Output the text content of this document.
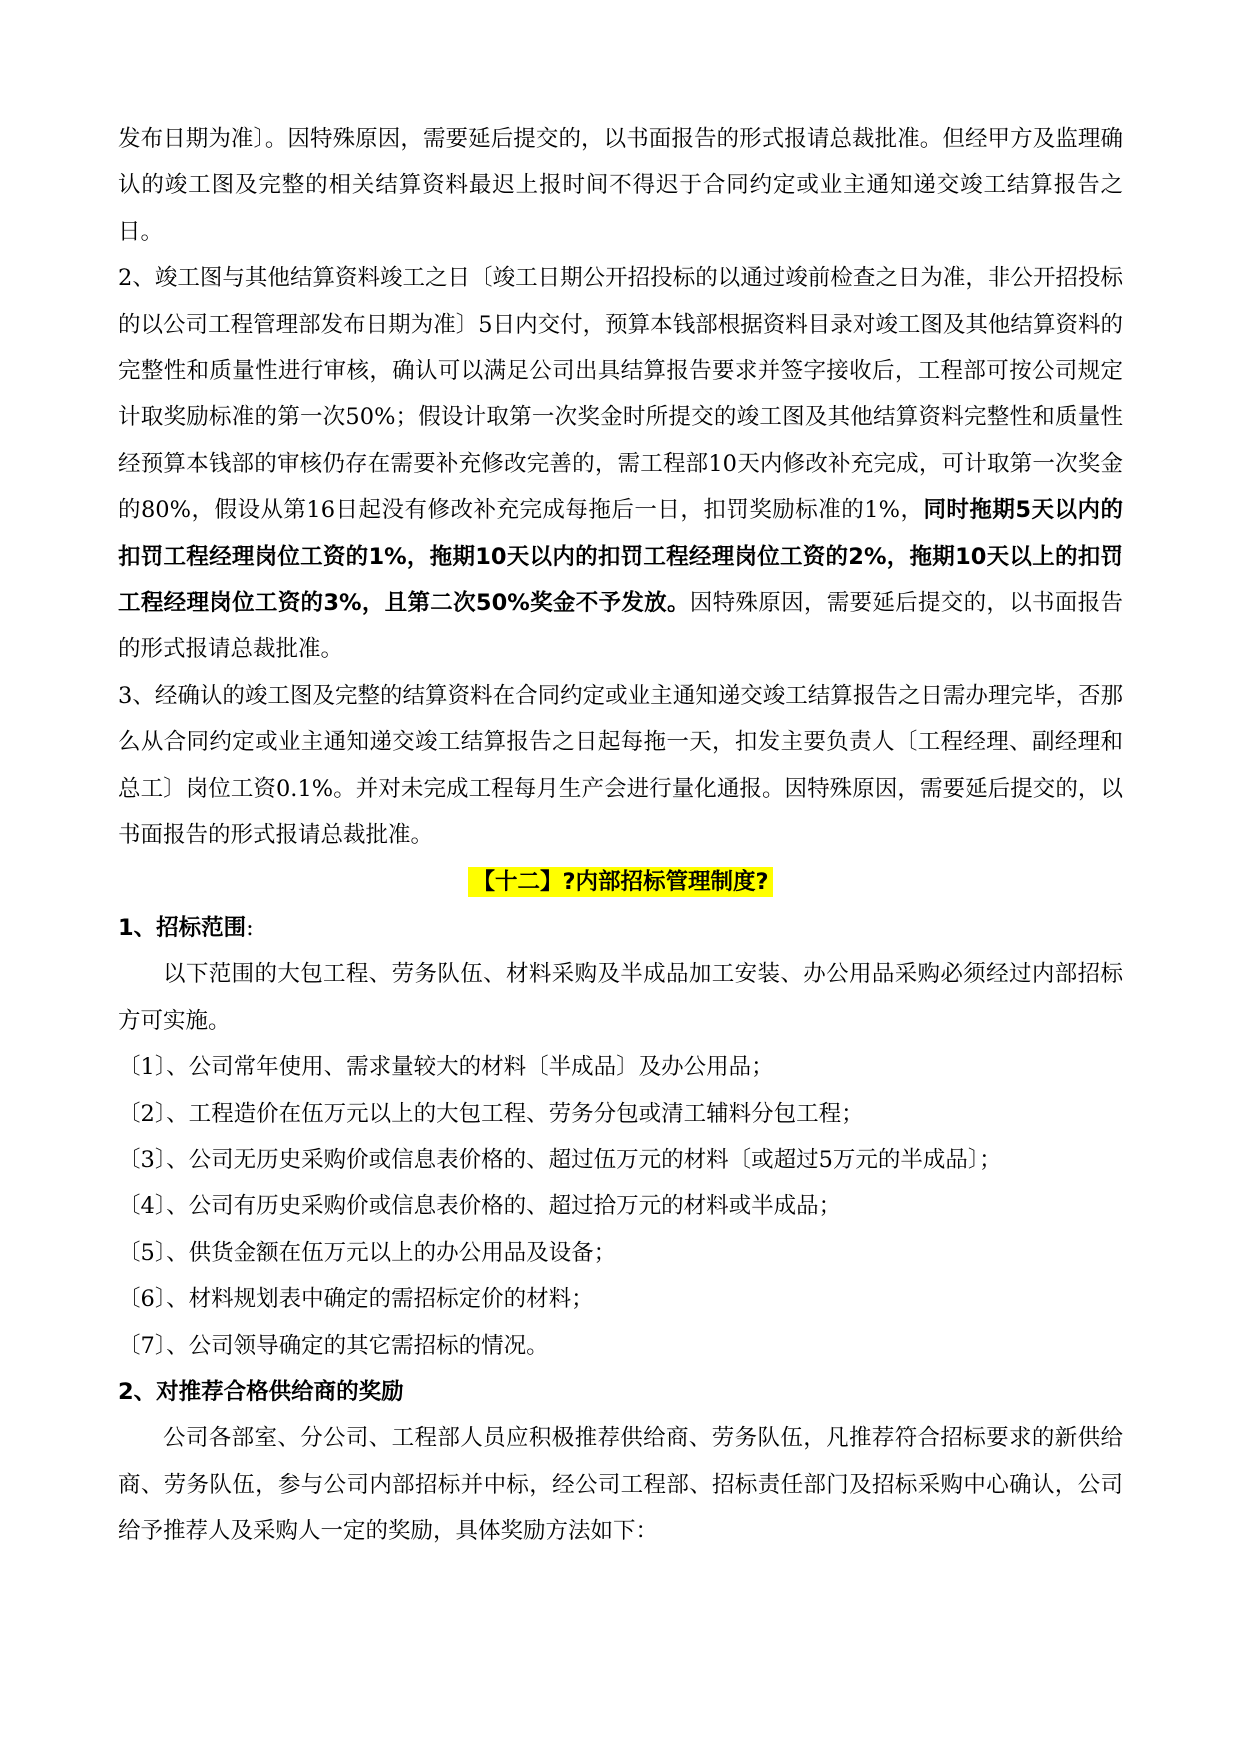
发布日期为准〕。因特殊原因，需要延后提交的，以书面报告的形式报请总裁批准。但经甲方及监理确认的竣工图及完整的相关结算资料最迟上报时间不得迟于合同约定或业主通知递交竣工结算报告之日。

2、竣工图与其他结算资料竣工之日〔竣工日期公开招投标的以通过竣前检查之日为准，非公开招投标的以公司工程管理部发布日期为准〕5日内交付，预算本钱部根据资料目录对竣工图及其他结算资料的完整性和质量性进行审核，确认可以满足公司出具结算报告要求并签字接收后，工程部可按公司规定计取奖励标准的第一次50%；假设计取第一次奖金时所提交的竣工图及其他结算资料完整性和质量性经预算本钱部的审核仍存在需要补充修改完善的，需工程部10天内修改补充完成，可计取第一次奖金的80%，假设从第16日起没有修改补充完成每拖后一日，扣罚奖励标准的1%，同时拖期5天以内的扣罚工程经理岗位工资的1%，拖期10天以内的扣罚工程经理岗位工资的2%，拖期10天以上的扣罚工程经理岗位工资的3%，且第二次50%奖金不予发放。因特殊原因，需要延后提交的，以书面报告的形式报请总裁批准。

3、经确认的竣工图及完整的结算资料在合同约定或业主通知递交竣工结算报告之日需办理完毕，否那么从合同约定或业主通知递交竣工结算报告之日起每拖一天，扣发主要负责人〔工程经理、副经理和总工〕岗位工资0.1%。并对未完成工程每月生产会进行量化通报。因特殊原因，需要延后提交的，以书面报告的形式报请总裁批准。

【十二】?内部招标管理制度?

1、招标范围:

以下范围的大包工程、劳务队伍、材料采购及半成品加工安装、办公用品采购必须经过内部招标方可实施。

〔1〕、公司常年使用、需求量较大的材料〔半成品〕及办公用品；

〔2〕、工程造价在伍万元以上的大包工程、劳务分包或清工辅料分包工程；

〔3〕、公司无历史采购价或信息表价格的、超过伍万元的材料〔或超过5万元的半成品〕；

〔4〕、公司有历史采购价或信息表价格的、超过拾万元的材料或半成品；

〔5〕、供货金额在伍万元以上的办公用品及设备；

〔6〕、材料规划表中确定的需招标定价的材料；

〔7〕、公司领导确定的其它需招标的情况。

2、对推荐合格供给商的奖励

公司各部室、分公司、工程部人员应积极推荐供给商、劳务队伍，凡推荐符合招标要求的新供给商、劳务队伍，参与公司内部招标并中标，经公司工程部、招标责任部门及招标采购中心确认，公司给予推荐人及采购人一定的奖励，具体奖励方法如下：
